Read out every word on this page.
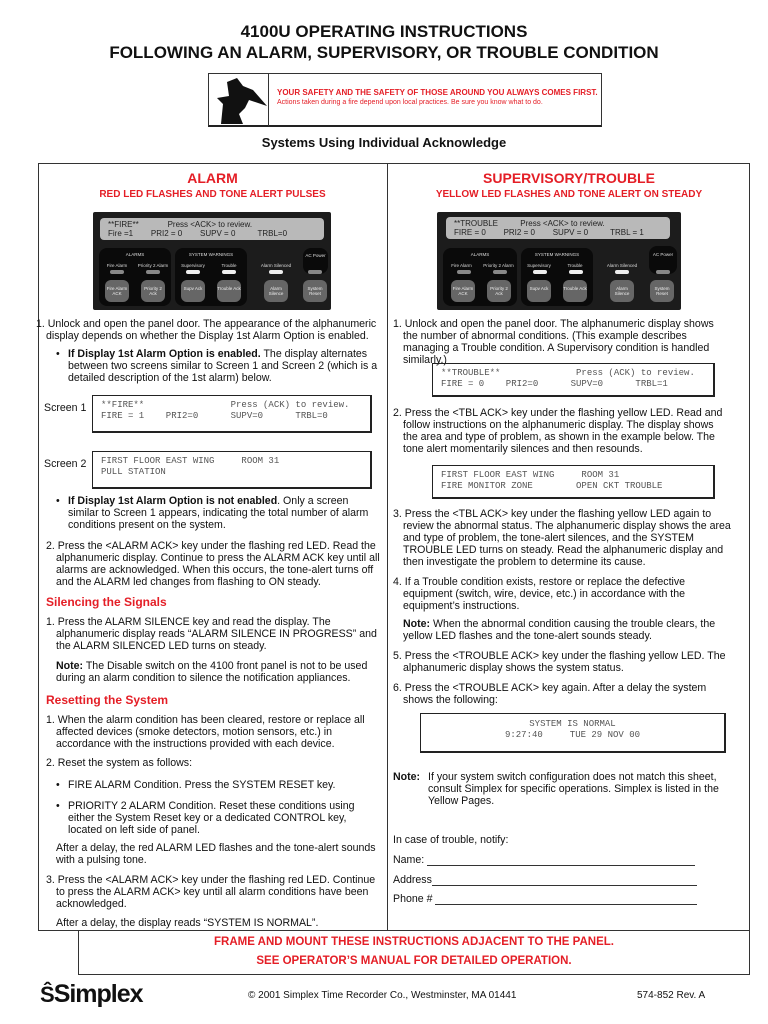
4100U OPERATING INSTRUCTIONS
FOLLOWING AN ALARM, SUPERVISORY, OR TROUBLE CONDITION
YOUR SAFETY AND THE SAFETY OF THOSE AROUND YOU ALWAYS COMES FIRST.
Actions taken during a fire depend upon local practices. Be sure you know what to do.
Systems Using Individual Acknowledge
ALARM
RED LED FLASHES AND TONE ALERT PULSES
**FIRE**             Press <ACK> to review.
Fire =1        PRI2 = 0        SUPV = 0          TRBL=0
ALARMS	SYSTEM WARNINGS
Fire Alarm	Priority 2 Alarm	Supervisory	Trouble	Alarm Silenced
AC Power
Fire Alarm ACK
Priority 2 Ack
Supv Ack	Trouble Ack	Alarm Silence
System Reset
1. Unlock and open the panel door. The appearance of the alphanumeric display depends on whether the Display 1st Alarm Option is enabled.
• If Display 1st Alarm Option is enabled. The display alternates between two screens similar to Screen 1 and Screen 2 (which is a detailed description of the 1st alarm) below.
Screen 1	**FIRE**                Press (ACK) to review.
FIRE = 1    PRI2=0      SUPV=0      TRBL=0
Screen 2	FIRST FLOOR EAST WING     ROOM 31
PULL STATION
• If Display 1st Alarm Option is not enabled. Only a screen similar to Screen 1 appears, indicating the total number of alarm conditions present on the system.
2. Press the <ALARM ACK> key under the flashing red LED. Read the alphanumeric display. Continue to press the ALARM ACK key until all alarms are acknowledged. When this occurs, the tone-alert turns off and the ALARM led changes from flashing to ON steady.
Silencing the Signals
1. Press the ALARM SILENCE key and read the display. The alphanumeric display reads “ALARM SILENCE IN PROGRESS” and the ALARM SILENCED LED turns on steady.
Note: The Disable switch on the 4100 front panel is not to be used during an alarm condition to silence the notification appliances.
Resetting the System
1. When the alarm condition has been cleared, restore or replace all affected devices (smoke detectors, motion sensors, etc.) in accordance with the instructions provided with each device.
2. Reset the system as follows:
• FIRE ALARM Condition. Press the SYSTEM RESET key.
• PRIORITY 2 ALARM Condition. Reset these conditions using either the System Reset key or a dedicated CONTROL key, located on left side of panel.
After a delay, the red ALARM LED flashes and the tone-alert sounds with a pulsing tone.
3. Press the <ALARM ACK> key under the flashing red LED. Continue to press the ALARM ACK> key until all alarm conditions have been acknowledged.
After a delay, the display reads “SYSTEM IS NORMAL”.
SUPERVISORY/TROUBLE
YELLOW LED FLASHES AND TONE ALERT ON STEADY
**TROUBLE          Press <ACK> to review.
FIRE = 0        PRI2 = 0        SUPV = 0          TRBL = 1
ALARMS	SYSTEM WARNINGS
Fire Alarm	Priority 2 Alarm	Supervisory	Trouble	Alarm Silenced
AC Power
Fire Alarm ACK
Priority 2 Ack
Supv Ack	Trouble Ack	Alarm Silence
System Reset
1. Unlock and open the panel door. The alphanumeric display shows the number of abnormal conditions. (This example describes managing a Trouble condition. A Supervisory condition is handled similarly.)
**TROUBLE**              Press (ACK) to review.
FIRE = 0    PRI2=0      SUPV=0      TRBL=1
2. Press the <TBL ACK> key under the flashing yellow LED. Read and follow instructions on the alphanumeric display. The display shows the area and type of problem, as shown in the example below. The tone alert momentarily silences and then resounds.
FIRST FLOOR EAST WING     ROOM 31
FIRE MONITOR ZONE        OPEN CKT TROUBLE
3. Press the <TBL ACK> key under the flashing yellow LED again to review the abnormal status. The alphanumeric display shows the area and type of problem, the tone-alert silences, and the SYSTEM TROUBLE LED turns on steady. Read the alphanumeric display and then investigate the problem to determine its cause.
4. If a Trouble condition exists, restore or replace the defective equipment (switch, wire, device, etc.) in accordance with the equipment’s instructions.
Note: When the abnormal condition causing the trouble clears, the yellow LED flashes and the tone-alert sounds steady.
5. Press the <TROUBLE ACK> key under the flashing yellow LED. The alphanumeric display shows the system status.
6. Press the <TROUBLE ACK> key again. After a delay the system shows the following:
SYSTEM IS NORMAL
9:27:40     TUE 29 NOV 00
Note: If your system switch configuration does not match this sheet, consult Simplex for specific operations. Simplex is listed in the Yellow Pages.
In case of trouble, notify:
Name:
Address
Phone #
FRAME AND MOUNT THESE INSTRUCTIONS ADJACENT TO THE PANEL.
SEE OPERATOR’S MANUAL FOR DETAILED OPERATION.
ŜSimplex	© 2001 Simplex Time Recorder Co., Westminster, MA 01441	574-852 Rev. A
